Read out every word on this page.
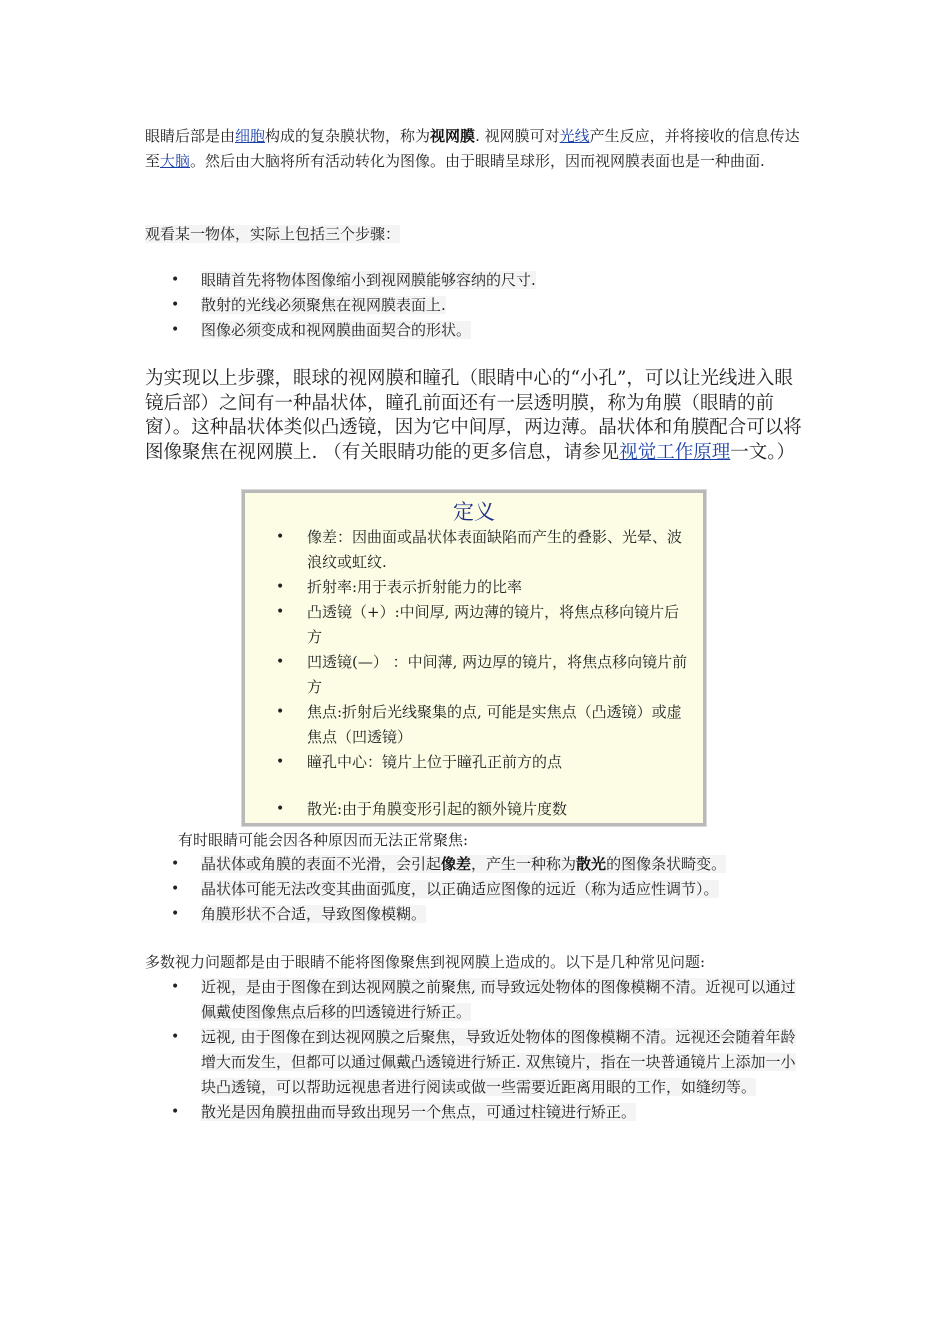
眼睛后部是由细胞构成的复杂膜状物，称为视网膜. 视网膜可对光线产生反应，并将接收的信息传达至大脑。然后由大脑将所有活动转化为图像。由于眼睛呈球形，因而视网膜表面也是一种曲面.

观看某一物体，实际上包括三个步骤：

• 眼睛首先将物体图像缩小到视网膜能够容纳的尺寸.
• 散射的光线必须聚焦在视网膜表面上.
• 图像必须变成和视网膜曲面契合的形状。

为实现以上步骤，眼球的视网膜和瞳孔（眼睛中心的“小孔”，可以让光线进入眼镜后部）之间有一种晶状体，瞳孔前面还有一层透明膜，称为角膜（眼睛的前窗）。这种晶状体类似凸透镜，因为它中间厚，两边薄。晶状体和角膜配合可以将图像聚焦在视网膜上. （有关眼睛功能的更多信息，请参见视觉工作原理一文。）

定义
• 像差：因曲面或晶状体表面缺陷而产生的叠影、光晕、波浪纹或虹纹.
• 折射率:用于表示折射能力的比率
• 凸透镜（+）:中间厚, 两边薄的镜片，将焦点移向镜片后方
• 凹透镜(—） ：中间薄, 两边厚的镜片，将焦点移向镜片前方
• 焦点:折射后光线聚集的点, 可能是实焦点（凸透镜）或虚焦点（凹透镜）
• 瞳孔中心：镜片上位于瞳孔正前方的点
• 散光:由于角膜变形引起的额外镜片度数

有时眼睛可能会因各种原因而无法正常聚焦:

• 晶状体或角膜的表面不光滑，会引起像差，产生一种称为散光的图像条状畸变。
• 晶状体可能无法改变其曲面弧度，以正确适应图像的远近（称为适应性调节）。
• 角膜形状不合适，导致图像模糊。

多数视力问题都是由于眼睛不能将图像聚焦到视网膜上造成的。以下是几种常见问题:

• 近视，是由于图像在到达视网膜之前聚焦, 而导致远处物体的图像模糊不清。近视可以通过佩戴使图像焦点后移的凹透镜进行矫正。
• 远视, 由于图像在到达视网膜之后聚焦，导致近处物体的图像模糊不清。远视还会随着年龄增大而发生，但都可以通过佩戴凸透镜进行矫正. 双焦镜片，指在一块普通镜片上添加一小块凸透镜，可以帮助远视患者进行阅读或做一些需要近距离用眼的工作，如缝纫等。
• 散光是因角膜扭曲而导致出现另一个焦点，可通过柱镜进行矫正。
